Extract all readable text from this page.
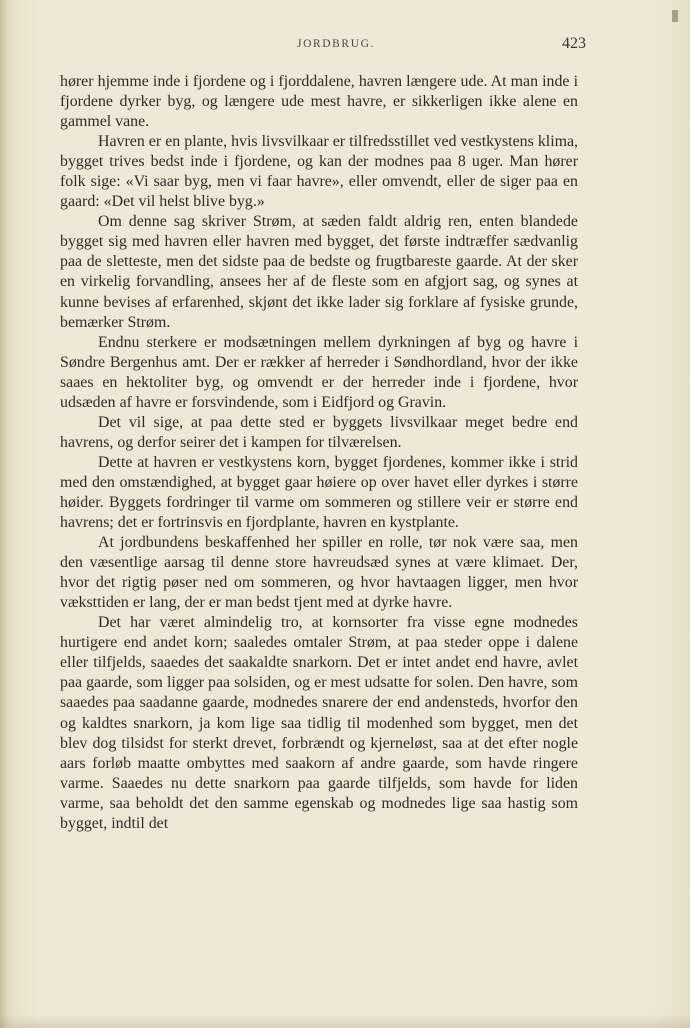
JORDBRUG.	423

hører hjemme inde i fjordene og i fjorddalene, havren længere ude. At man inde i fjordene dyrker byg, og længere ude mest havre, er sikkerligen ikke alene en gammel vane.

Havren er en plante, hvis livsvilkaar er tilfredsstillet ved vestkystens klima, bygget trives bedst inde i fjordene, og kan der modnes paa 8 uger. Man hører folk sige: «Vi saar byg, men vi faar havre», eller omvendt, eller de siger paa en gaard: «Det vil helst blive byg.»

Om denne sag skriver Strøm, at sæden faldt aldrig ren, enten blandede bygget sig med havren eller havren med bygget, det første indtræffer sædvanlig paa de sletteste, men det sidste paa de bedste og frugtbareste gaarde. At der sker en virkelig forvandling, ansees her af de fleste som en afgjort sag, og synes at kunne bevises af erfarenhed, skjønt det ikke lader sig forklare af fysiske grunde, bemærker Strøm.

Endnu sterkere er modsætningen mellem dyrkningen af byg og havre i Søndre Bergenhus amt. Der er rækker af herreder i Søndhordland, hvor der ikke saaes en hektoliter byg, og omvendt er der herreder inde i fjordene, hvor udsæden af havre er forsvindende, som i Eidfjord og Gravin.

Det vil sige, at paa dette sted er byggets livsvilkaar meget bedre end havrens, og derfor seirer det i kampen for tilværelsen.

Dette at havren er vestkystens korn, bygget fjordenes, kommer ikke i strid med den omstændighed, at bygget gaar høiere op over havet eller dyrkes i større høider. Byggets fordringer til varme om sommeren og stillere veir er større end havrens; det er fortrinsvis en fjordplante, havren en kystplante.

At jordbundens beskaffenhed her spiller en rolle, tør nok være saa, men den væsentlige aarsag til denne store havreudsæd synes at være klimaet. Der, hvor det rigtig pøser ned om sommeren, og hvor havtaagen ligger, men hvor væksttiden er lang, der er man bedst tjent med at dyrke havre.

Det har været almindelig tro, at kornsorter fra visse egne modnedes hurtigere end andet korn; saaledes omtaler Strøm, at paa steder oppe i dalene eller tilfjelds, saaedes det saakaldte snarkorn. Det er intet andet end havre, avlet paa gaarde, som ligger paa solsiden, og er mest udsatte for solen. Den havre, som saaedes paa saadanne gaarde, modnedes snarere der end andensteds, hvorfor den og kaldtes snarkorn, ja kom lige saa tidlig til modenhed som bygget, men det blev dog tilsidst for sterkt drevet, forbrændt og kjerneløst, saa at det efter nogle aars forløb maatte ombyttes med saakorn af andre gaarde, som havde ringere varme. Saaedes nu dette snarkorn paa gaarde tilfjelds, som havde for liden varme, saa beholdt det den samme egenskab og modnedes lige saa hastig som bygget, indtil det
